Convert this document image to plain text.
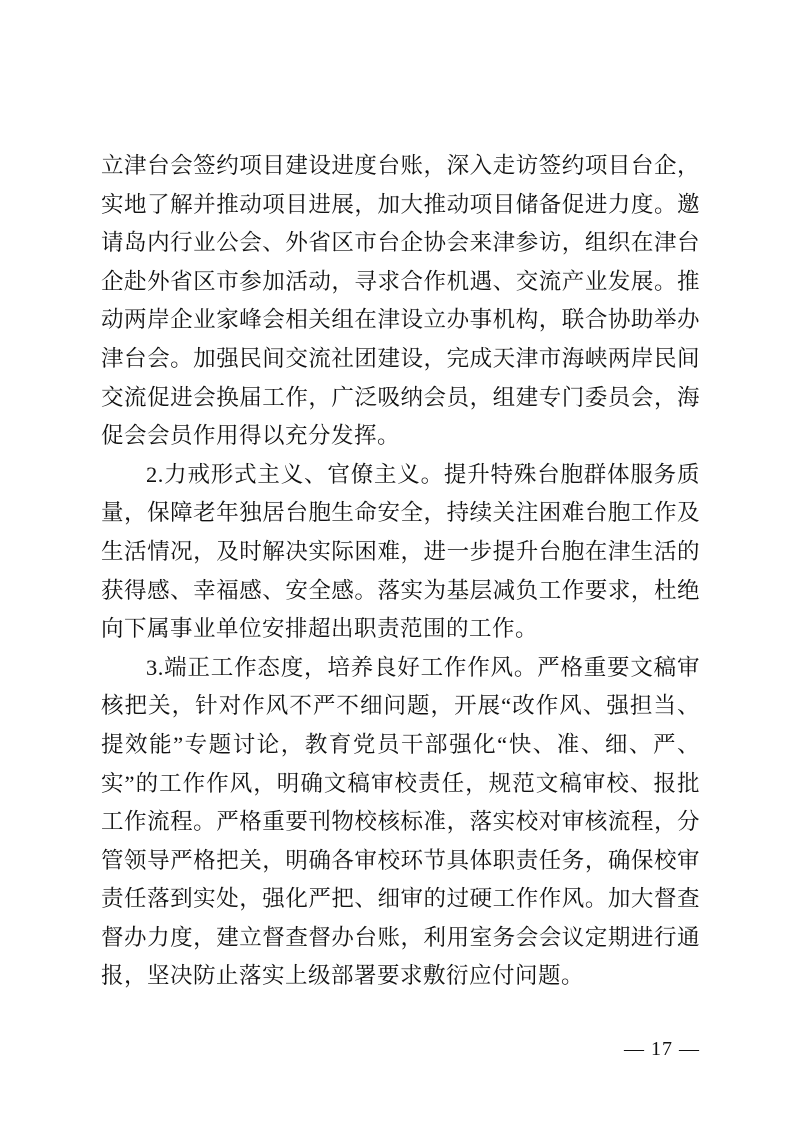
立津台会签约项目建设进度台账，深入走访签约项目台企，
实地了解并推动项目进展，加大推动项目储备促进力度。邀
请岛内行业公会、外省区市台企协会来津参访，组织在津台
企赴外省区市参加活动，寻求合作机遇、交流产业发展。推
动两岸企业家峰会相关组在津设立办事机构，联合协助举办
津台会。加强民间交流社团建设，完成天津市海峡两岸民间
交流促进会换届工作，广泛吸纳会员，组建专门委员会，海
促会会员作用得以充分发挥。
2.力戒形式主义、官僚主义。提升特殊台胞群体服务质
量，保障老年独居台胞生命安全，持续关注困难台胞工作及
生活情况，及时解决实际困难，进一步提升台胞在津生活的
获得感、幸福感、安全感。落实为基层减负工作要求，杜绝
向下属事业单位安排超出职责范围的工作。
3.端正工作态度，培养良好工作作风。严格重要文稿审
核把关，针对作风不严不细问题，开展“改作风、强担当、
提效能”专题讨论，教育党员干部强化“快、准、细、严、
实”的工作作风，明确文稿审校责任，规范文稿审校、报批
工作流程。严格重要刊物校核标准，落实校对审核流程，分
管领导严格把关，明确各审校环节具体职责任务，确保校审
责任落到实处，强化严把、细审的过硬工作作风。加大督查
督办力度，建立督查督办台账，利用室务会会议定期进行通
报，坚决防止落实上级部署要求敷衍应付问题。
— 17 —
